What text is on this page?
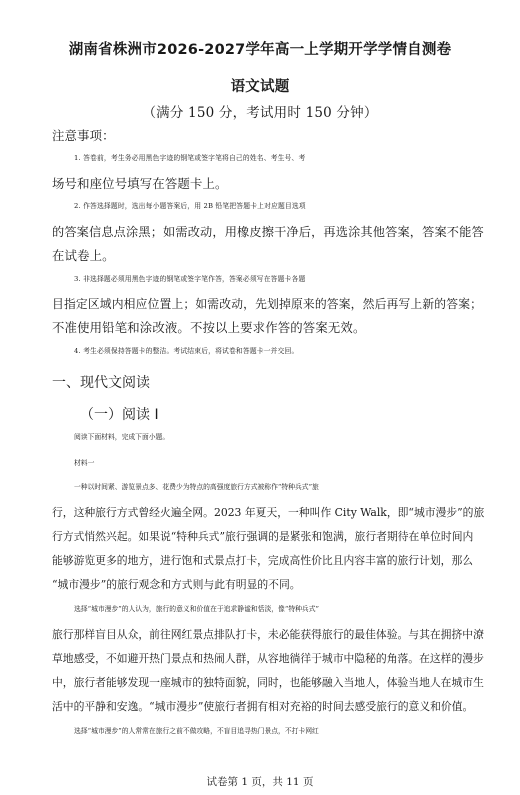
湖南省株洲市2026-2027学年高一上学期开学学情自测卷
语文试题
（满分 150 分，考试用时 150 分钟）
注意事项：
1. 答卷前，考生务必用黑色字迹的钢笔或签字笔将自己的姓名、考生号、考
场号和座位号填写在答题卡上。
2. 作答选择题时，选出每小题答案后，用 2B 铅笔把答题卡上对应题目选项
的答案信息点涂黑；如需改动，用橡皮擦干净后，再选涂其他答案，答案不能答
在试卷上。
3. 非选择题必须用黑色字迹的钢笔或签字笔作答，答案必须写在答题卡各题
目指定区域内相应位置上；如需改动，先划掉原来的答案，然后再写上新的答案；
不准使用铅笔和涂改液。不按以上要求作答的答案无效。
4. 考生必须保持答题卡的整洁。考试结束后，将试卷和答题卡一并交回。
一、现代文阅读
（一）阅读 I
阅读下面材料，完成下面小题。
材料一
一种以时间紧、游览景点多、花费少为特点的高强度旅行方式被称作“特种兵式”旅
行，这种旅行方式曾经火遍全网。2023 年夏天，一种叫作 City Walk，即“城市漫步”的旅
行方式悄然兴起。如果说“特种兵式”旅行强调的是紧张和饱满，旅行者期待在单位时间内
能够游览更多的地方，进行饱和式景点打卡，完成高性价比且内容丰富的旅行计划，那么
“城市漫步”的旅行观念和方式则与此有明显的不同。
选择“城市漫步”的人认为，旅行的意义和价值在于追求静谧和恬淡，像“特种兵式”
旅行那样盲目从众，前往网红景点排队打卡，未必能获得旅行的最佳体验。与其在拥挤中潦
草地感受，不如避开热门景点和热闹人群，从容地徜徉于城市中隐秘的角落。在这样的漫步
中，旅行者能够发现一座城市的独特面貌，同时，也能够融入当地人，体验当地人在城市生
活中的平静和安逸。“城市漫步”使旅行者拥有相对充裕的时间去感受旅行的意义和价值。
选择“城市漫步”的人常常在旅行之前不做攻略，不盲目追寻热门景点，不打卡网红
试卷第 1 页，共 11 页
